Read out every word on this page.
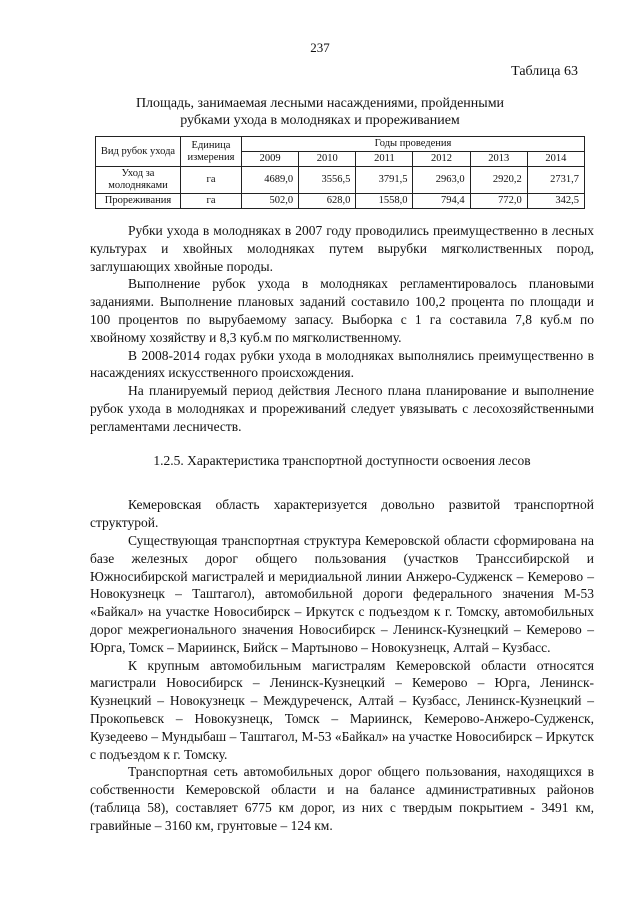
237
Таблица 63
Площадь, занимаемая лесными насаждениями, пройденными
рубками ухода в молодняках и прореживанием
Вид рубок ухода	Единица измерения	Годы проведения					
		2009	2010	2011	2012	2013	2014
Уход за молодняками	га	4689,0	3556,5	3791,5	2963,0	2920,2	2731,7
Прореживания	га	502,0	628,0	1558,0	794,4	772,0	342,5

Рубки ухода в молодняках в 2007 году проводились преимущественно в лесных культурах и хвойных молодняках путем вырубки мягколиственных пород, заглушающих хвойные породы.

Выполнение рубок ухода в молодняках регламентировалось плановыми заданиями. Выполнение плановых заданий составило 100,2 процента по площади и 100 процентов по вырубаемому запасу. Выборка с 1 га составила 7,8 куб.м по хвойному хозяйству и 8,3 куб.м по мягколиственному.

В 2008-2014 годах рубки ухода в молодняках выполнялись преимущественно в насаждениях искусственного происхождения.

На планируемый период действия Лесного плана планирование и выполнение рубок ухода в молодняках и прореживаний следует увязывать с лесохозяйственными регламентами лесничеств.

1.2.5. Характеристика транспортной доступности освоения лесов

Кемеровская область характеризуется довольно развитой транспортной структурой.

Существующая транспортная структура Кемеровской области сформирована на базе железных дорог общего пользования (участков Транссибирской и Южносибирской магистралей и меридиальной линии Анжеро-Судженск – Кемерово – Новокузнецк – Таштагол), автомобильной дороги федерального значения М-53 «Байкал» на участке Новосибирск – Иркутск с подъездом к г. Томску, автомобильных дорог межрегионального значения Новосибирск – Ленинск-Кузнецкий – Кемерово – Юрга, Томск – Мариинск, Бийск – Мартыново – Новокузнецк, Алтай – Кузбасс.

К крупным автомобильным магистралям Кемеровской области относятся магистрали Новосибирск – Ленинск-Кузнецкий – Кемерово – Юрга, Ленинск-Кузнецкий – Новокузнецк – Междуреченск, Алтай – Кузбасс, Ленинск-Кузнецкий – Прокопьевск – Новокузнецк, Томск – Мариинск, Кемерово-Анжеро-Судженск, Кузедеево – Мундыбаш – Таштагол, М-53 «Байкал» на участке Новосибирск – Иркутск с подъездом к г. Томску.

Транспортная сеть автомобильных дорог общего пользования, находящихся в собственности Кемеровской области и на балансе административных районов (таблица 58), составляет 6775 км дорог, из них с твердым покрытием - 3491 км, гравийные – 3160 км, грунтовые – 124 км.
